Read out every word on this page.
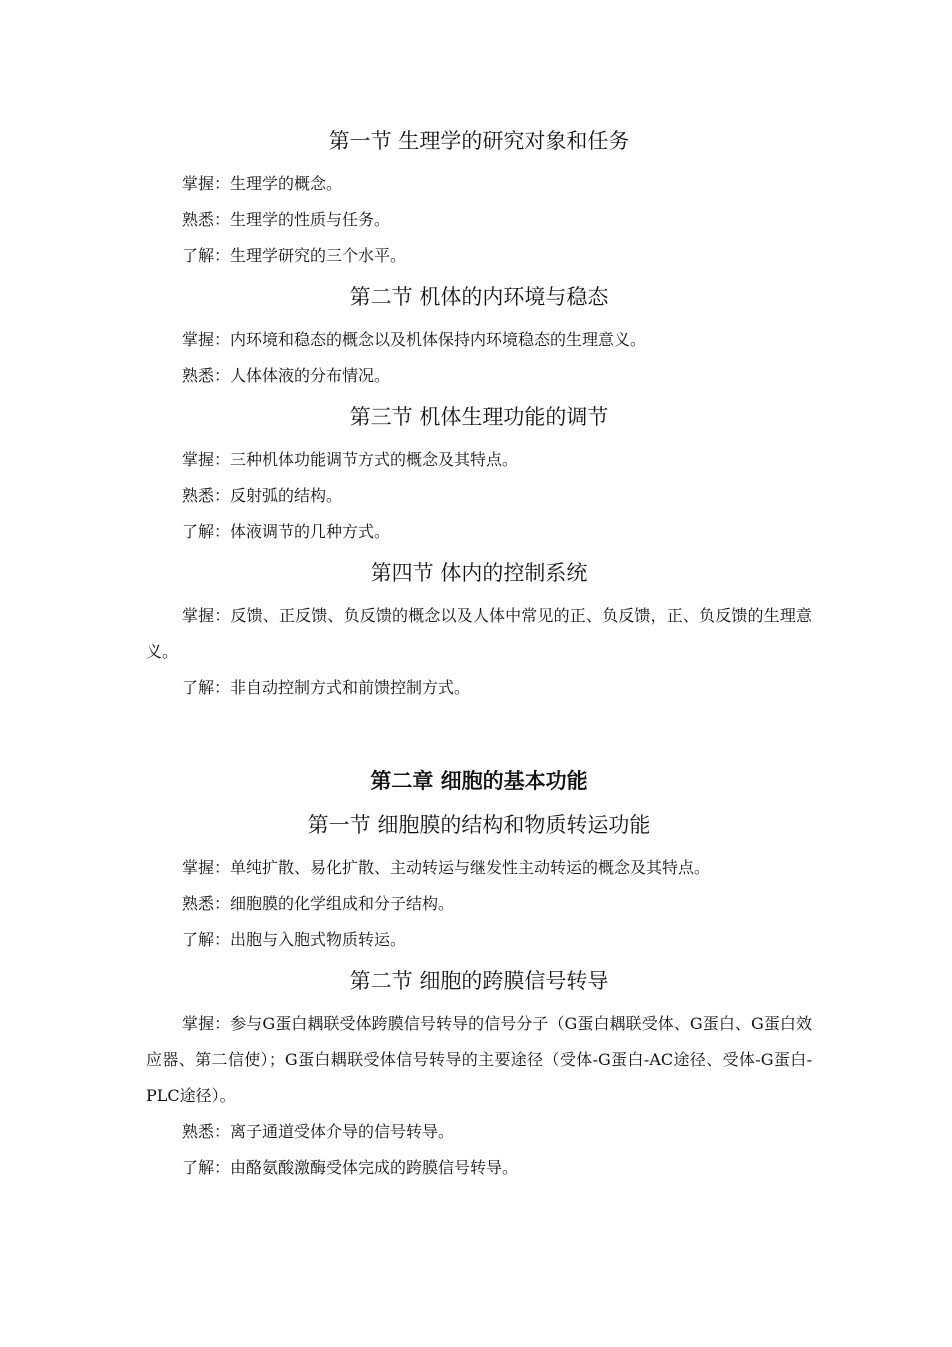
第一节 生理学的研究对象和任务

掌握：生理学的概念。

熟悉：生理学的性质与任务。

了解：生理学研究的三个水平。

第二节 机体的内环境与稳态

掌握：内环境和稳态的概念以及机体保持内环境稳态的生理意义。

熟悉：人体体液的分布情况。

第三节 机体生理功能的调节

掌握：三种机体功能调节方式的概念及其特点。

熟悉：反射弧的结构。

了解：体液调节的几种方式。

第四节 体内的控制系统

掌握：反馈、正反馈、负反馈的概念以及人体中常见的正、负反馈，正、负反馈的生理意义。

了解：非自动控制方式和前馈控制方式。

第二章 细胞的基本功能
第一节 细胞膜的结构和物质转运功能

掌握：单纯扩散、易化扩散、主动转运与继发性主动转运的概念及其特点。

熟悉：细胞膜的化学组成和分子结构。

了解：出胞与入胞式物质转运。

第二节 细胞的跨膜信号转导

掌握：参与G蛋白耦联受体跨膜信号转导的信号分子（G蛋白耦联受体、G蛋白、G蛋白效应器、第二信使）；G蛋白耦联受体信号转导的主要途径（受体-G蛋白-AC途径、受体-G蛋白-PLC途径）。

熟悉：离子通道受体介导的信号转导。

了解：由酪氨酸激酶受体完成的跨膜信号转导。
